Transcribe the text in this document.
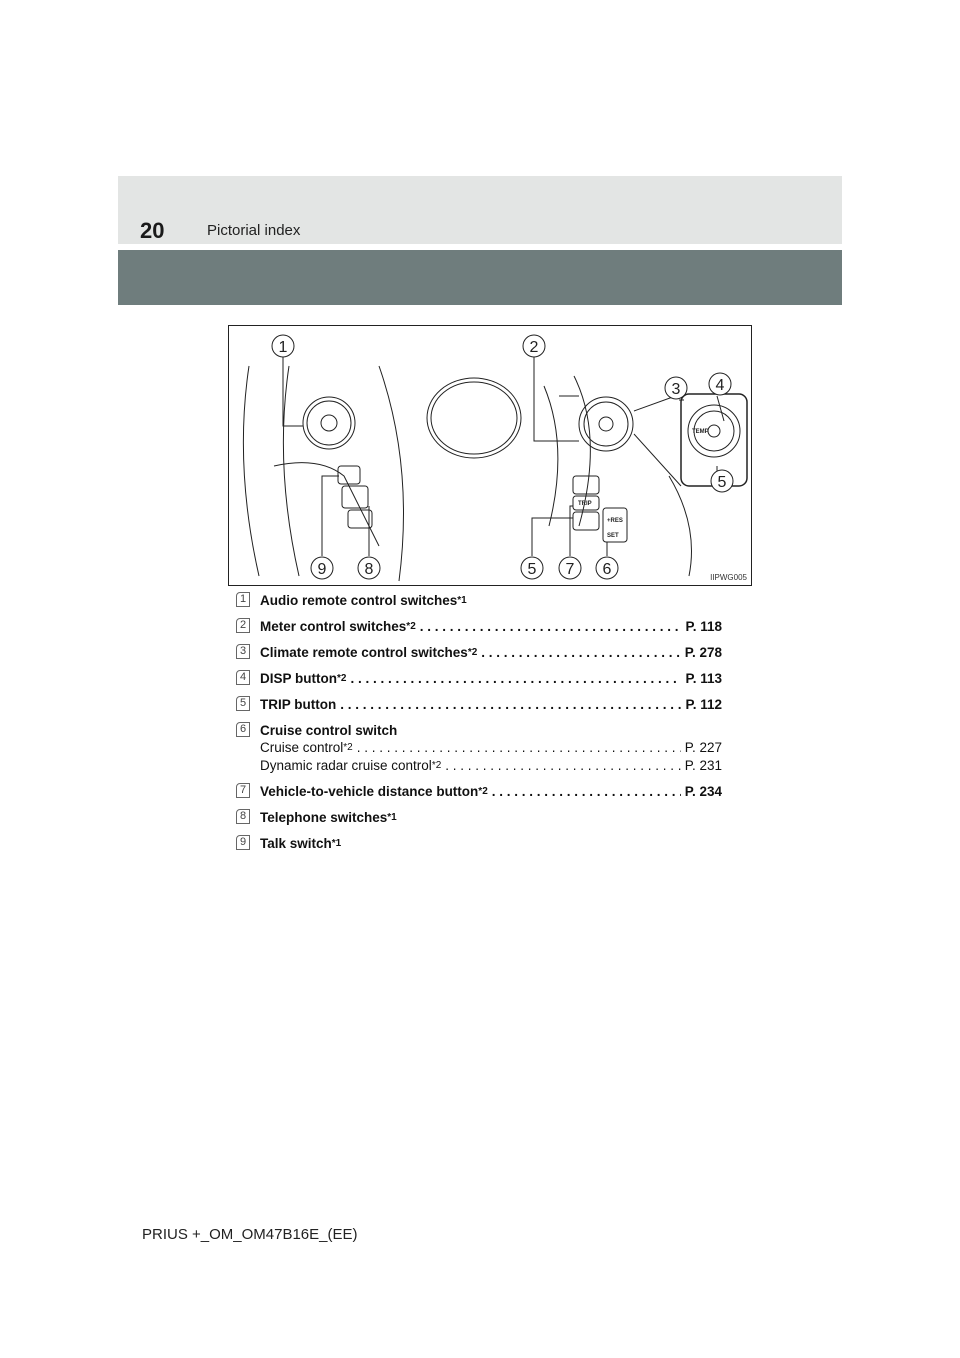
20	Pictorial index
1	2
3 4
5
5 7 6
9 8
TRIP
TEMP
+RES
SET
IIPWG005
1 Audio remote control switches$^{*1}$
2 Meter control switches$^{*2}$ . . .	P. 118
3 Climate remote control switches$^{*2}$ . . .	P. 278
4 DISP button$^{*2}$ . . .	P. 113
5 TRIP button . . .	P. 112
6 Cruise control switch
Cruise control$^{*2}$ . . .	P. 227
Dynamic radar cruise control$^{*2}$ . . .	P. 231
7 Vehicle-to-vehicle distance button$^{*2}$ . . .	P. 234
8 Telephone switches$^{*1}$
9 Talk switch$^{*1}$
PRIUS +_OM_OM47B16E_(EE)
